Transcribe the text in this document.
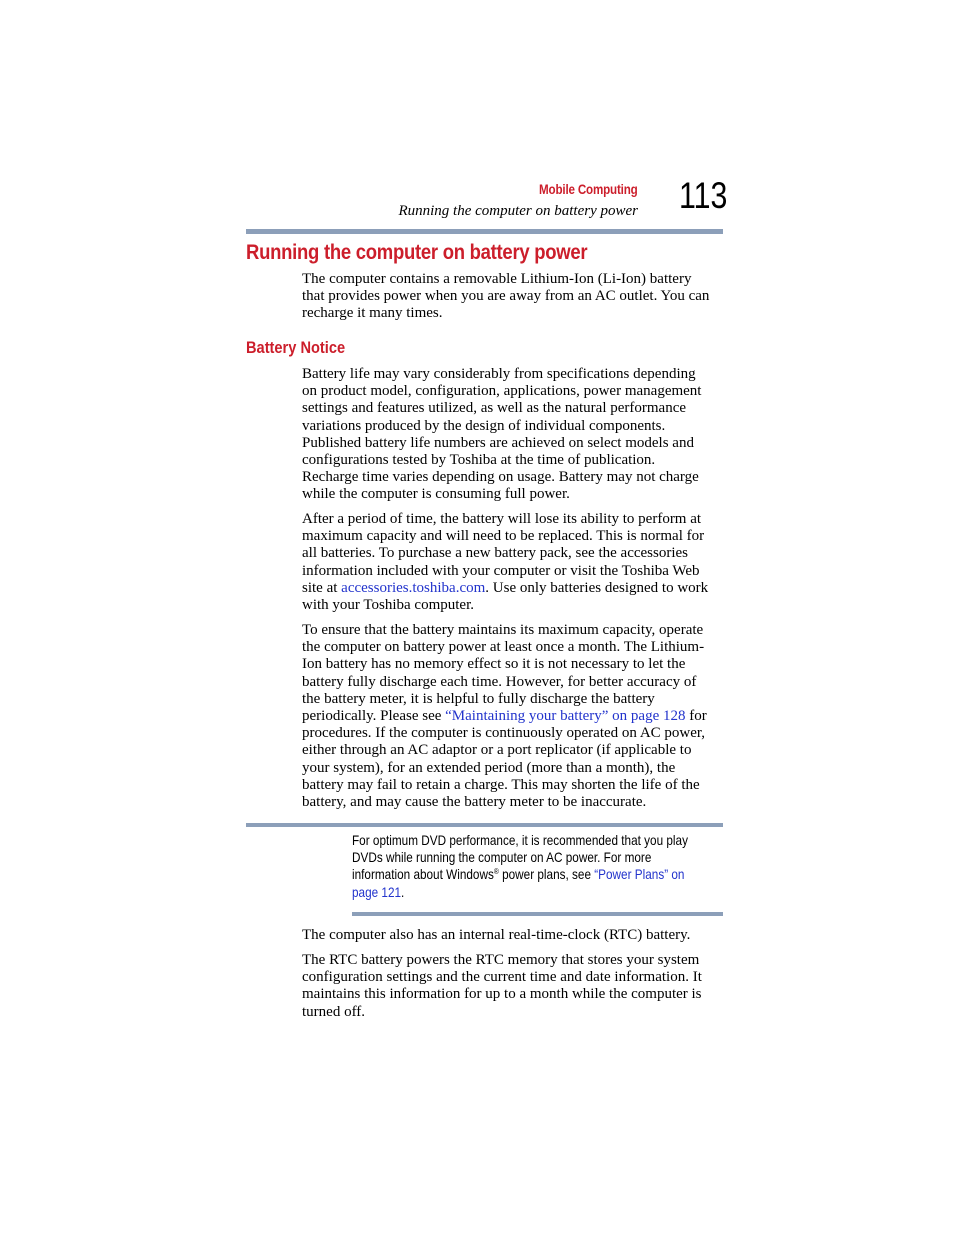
Mobile Computing
Running the computer on battery power 113
Running the computer on battery power

The computer contains a removable Lithium-Ion (Li-Ion) battery
that provides power when you are away from an AC outlet. You can
recharge it many times.

Battery Notice

Battery life may vary considerably from specifications depending
on product model, configuration, applications, power management
settings and features utilized, as well as the natural performance
variations produced by the design of individual components.
Published battery life numbers are achieved on select models and
configurations tested by Toshiba at the time of publication.
Recharge time varies depending on usage. Battery may not charge
while the computer is consuming full power.

After a period of time, the battery will lose its ability to perform at
maximum capacity and will need to be replaced. This is normal for
all batteries. To purchase a new battery pack, see the accessories
information included with your computer or visit the Toshiba Web
site at accessories.toshiba.com. Use only batteries designed to work
with your Toshiba computer.

To ensure that the battery maintains its maximum capacity, operate
the computer on battery power at least once a month. The Lithium-
Ion battery has no memory effect so it is not necessary to let the
battery fully discharge each time. However, for better accuracy of
the battery meter, it is helpful to fully discharge the battery
periodically. Please see “Maintaining your battery” on page 128 for
procedures. If the computer is continuously operated on AC power,
either through an AC adaptor or a port replicator (if applicable to
your system), for an extended period (more than a month), the
battery may fail to retain a charge. This may shorten the life of the
battery, and may cause the battery meter to be inaccurate.

For optimum DVD performance, it is recommended that you play
DVDs while running the computer on AC power. For more
information about Windows® power plans, see “Power Plans” on
page 121.

The computer also has an internal real-time-clock (RTC) battery.

The RTC battery powers the RTC memory that stores your system
configuration settings and the current time and date information. It
maintains this information for up to a month while the computer is
turned off.
